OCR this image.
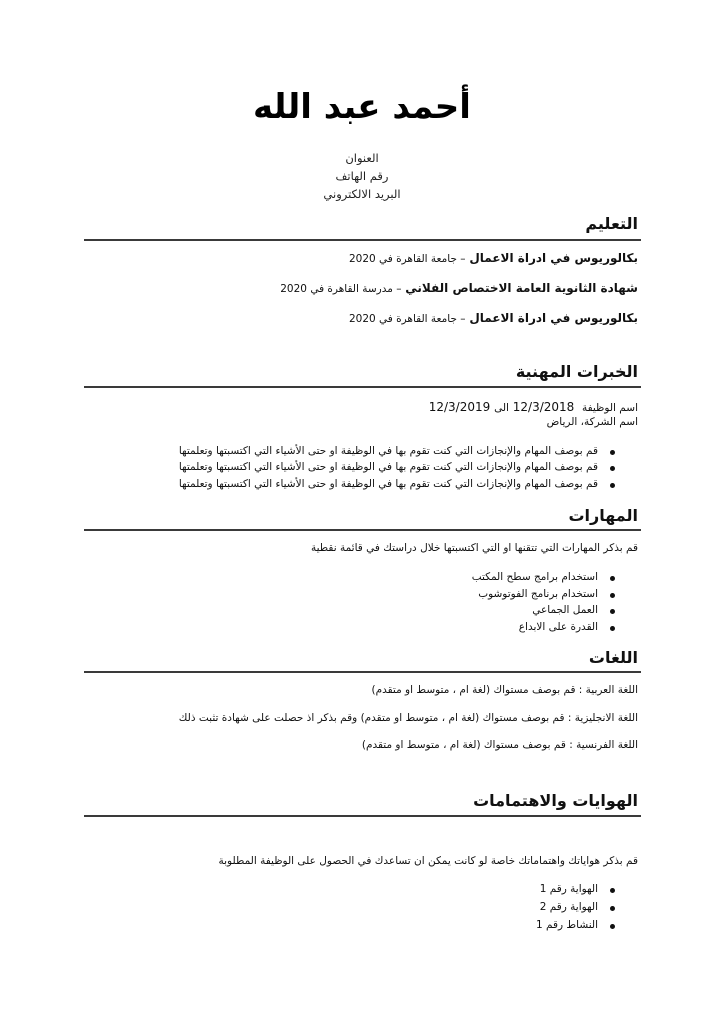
أحمد عبد الله
العنوان
رقم الهاتف
البريد الالكتروني
التعليم
بكالوريوس في ادراة الاعمال – جامعة القاهرة في 2020
شهادة الثانوية العامة الاختصاص الفلاني – مدرسة القاهرة في 2020
بكالوريوس في ادراة الاعمال – جامعة القاهرة في 2020
الخبرات المهنية
اسم الوظيفة  12/3/2018 الى 12/3/2019
اسم الشركة، الرياض
قم بوصف المهام والإنجازات التي كنت تقوم بها في الوظيفة او حتى الأشياء التي اكتسبتها وتعلمتها
قم بوصف المهام والإنجازات التي كنت تقوم بها في الوظيفة او حتى الأشياء التي اكتسبتها وتعلمتها
قم بوصف المهام والإنجازات التي كنت تقوم بها في الوظيفة او حتى الأشياء التي اكتسبتها وتعلمتها
المهارات
قم بذكر المهارات التي تتقنها او التي اكتسبتها خلال دراستك في قائمة نقطية
استخدام برامج سطح المكتب
استخدام برنامج الفوتوشوب
العمل الجماعي
القدرة على الابداع
اللغات
اللغة العربية : قم بوصف مستواك (لغة ام ، متوسط او متقدم)
اللغة الانجليزية : قم بوصف مستواك (لغة ام ، متوسط او متقدم) وقم بذكر اذ حصلت على شهادة تثبت ذلك
اللغة الفرنسية : قم بوصف مستواك (لغة ام ، متوسط او متقدم)
الهوايات والاهتمامات
قم بذكر هواياتك واهتماماتك خاصة لو كانت يمكن ان تساعدك في الحصول على الوظيفة المطلوبة
الهواية رقم 1
الهواية رقم 2
النشاط رقم 1
